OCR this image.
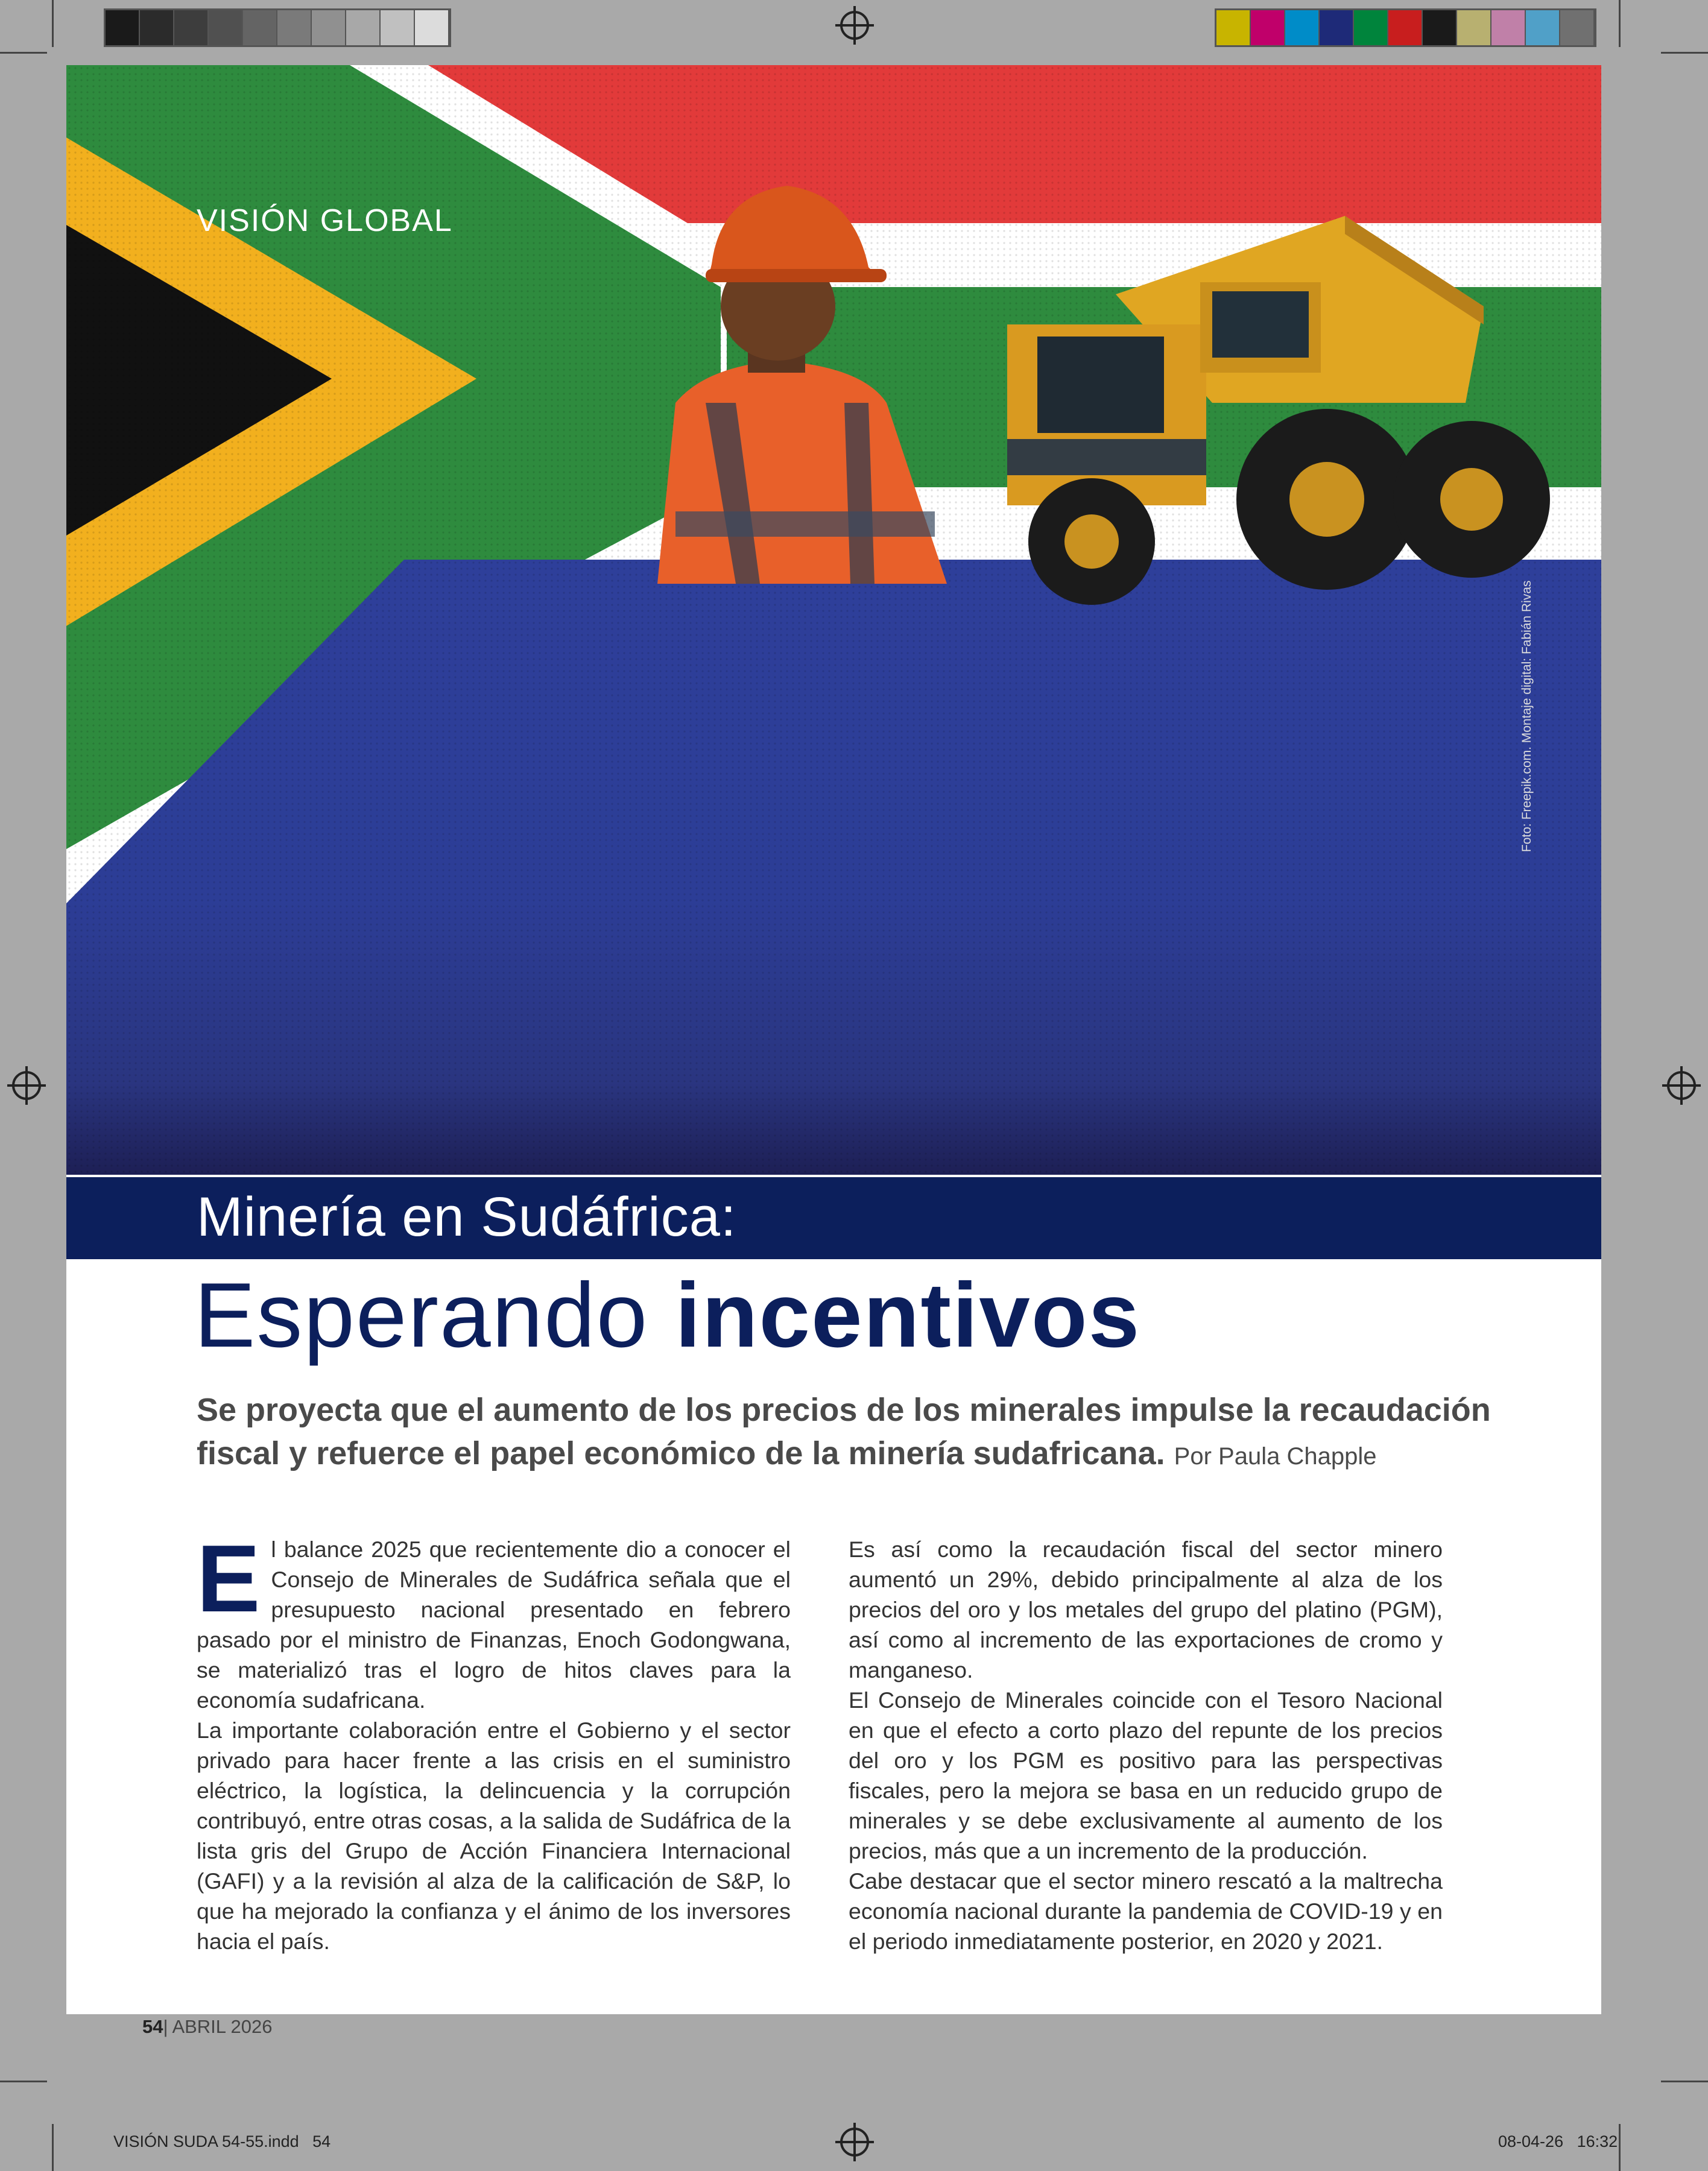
VISIÓN GLOBAL
Foto: Freepik.com. Montaje digital: Fabián Rivas
Minería en Sudáfrica:
Esperando incentivos
Se proyecta que el aumento de los precios de los minerales impulse la recaudación fiscal y refuerce el papel económico de la minería sudafricana. Por Paula Chapple

El balance 2025 que recientemente dio a conocer el Consejo de Minerales de Sudáfrica señala que el presupuesto nacional presentado en febrero pasado por el ministro de Finanzas, Enoch Godongwana, se materializó tras el logro de hitos claves para la economía sudafricana.

La importante colaboración entre el Gobierno y el sector privado para hacer frente a las crisis en el suministro eléctrico, la logística, la delincuencia y la corrupción contribuyó, entre otras cosas, a la salida de Sudáfrica de la lista gris del Grupo de Acción Financiera Internacional (GAFI) y a la revisión al alza de la calificación de S&P, lo que ha mejorado la confianza y el ánimo de los inversores hacia el país.

Es así como la recaudación fiscal del sector minero aumentó un 29%, debido principalmente al alza de los precios del oro y los metales del grupo del platino (PGM), así como al incremento de las exportaciones de cromo y manganeso.

El Consejo de Minerales coincide con el Tesoro Nacional en que el efecto a corto plazo del repunte de los precios del oro y los PGM es positivo para las perspectivas fiscales, pero la mejora se basa en un reducido grupo de minerales y se debe exclusivamente al aumento de los precios, más que a un incremento de la producción.

Cabe destacar que el sector minero rescató a la maltrecha economía nacional durante la pandemia de COVID-19 y en el periodo inmediatamente posterior, en 2020 y 2021.

54| ABRIL 2026
VISIÓN SUDA 54-55.indd   54	08-04-26   16:32
